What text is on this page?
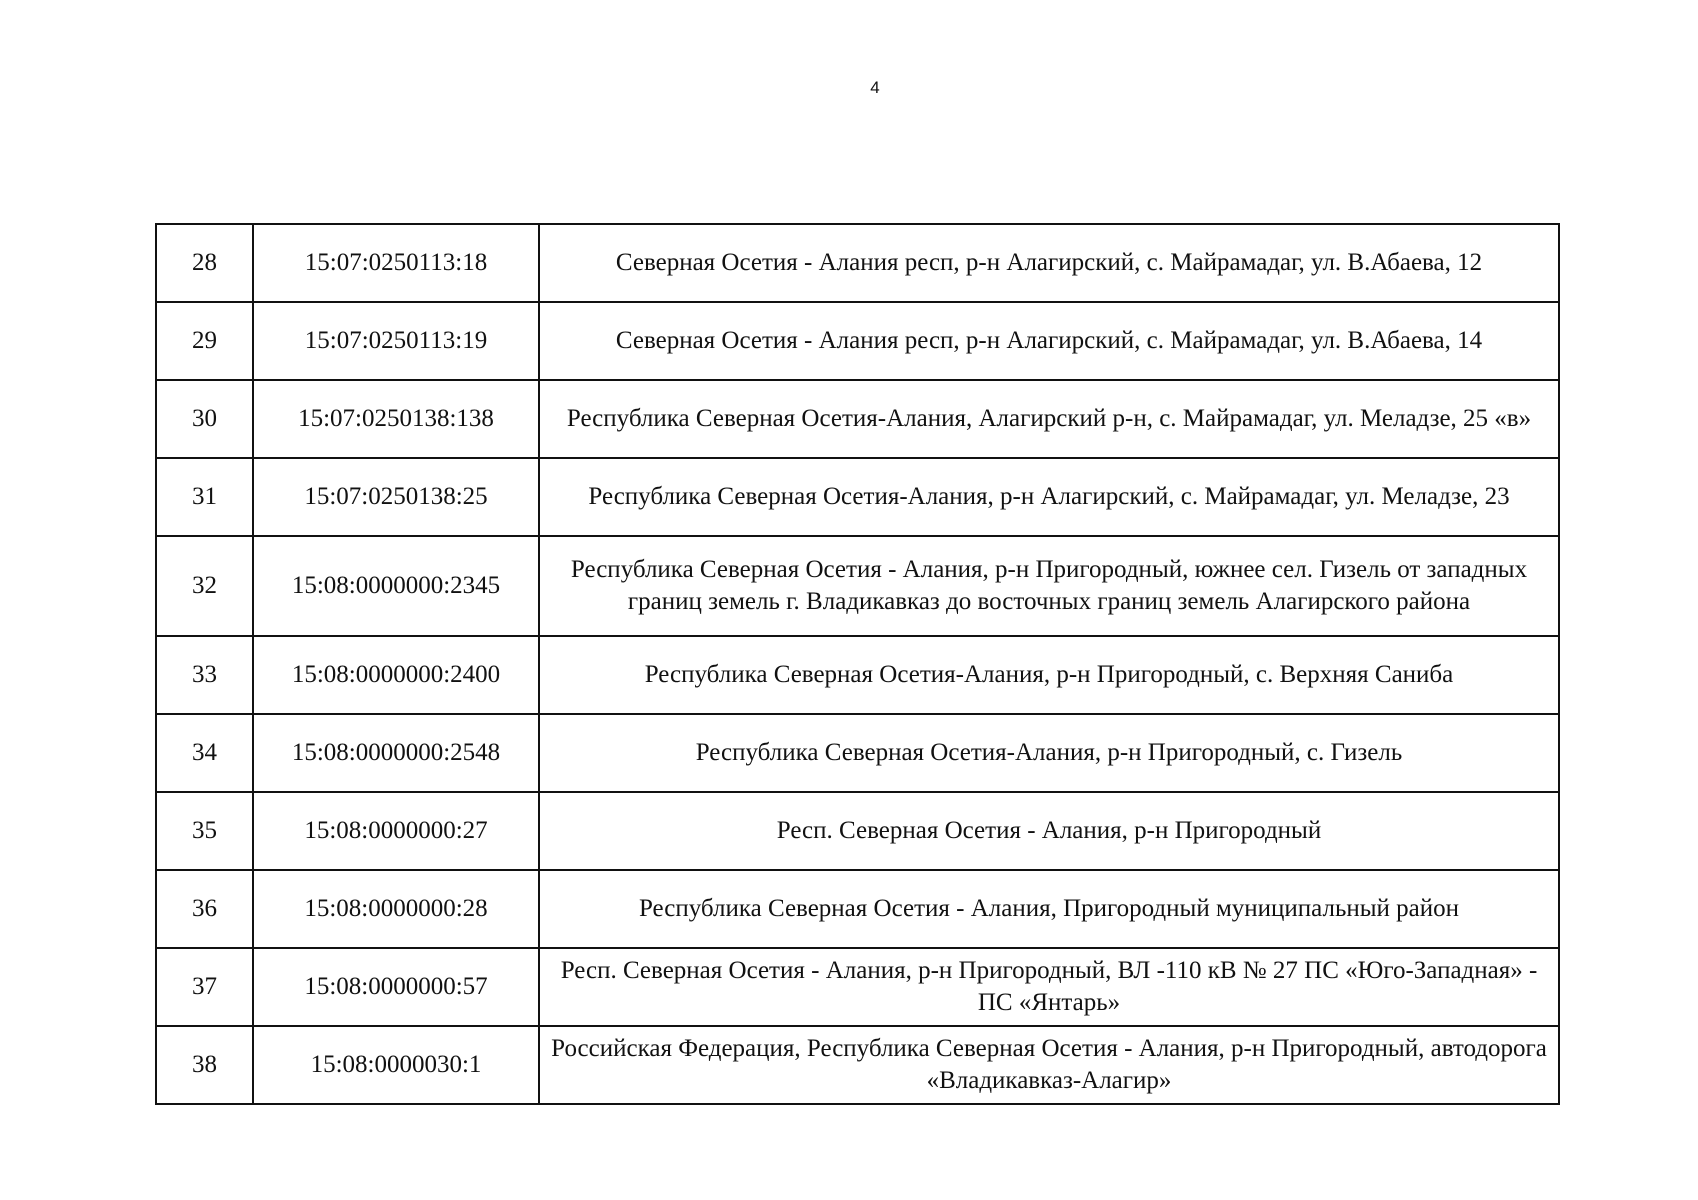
4
28	15:07:0250113:18	Северная Осетия - Алания респ, р-н Алагирский, с. Майрамадаг, ул. В.Абаева, 12
29	15:07:0250113:19	Северная Осетия - Алания респ, р-н Алагирский, с. Майрамадаг, ул. В.Абаева, 14
30	15:07:0250138:138	Республика Северная Осетия-Алания, Алагирский р-н, с. Майрамадаг, ул. Меладзе, 25 «в»
31	15:07:0250138:25	Республика Северная Осетия-Алания, р-н Алагирский, с. Майрамадаг, ул. Меладзе, 23
32	15:08:0000000:2345	Республика Северная Осетия - Алания, р-н Пригородный, южнее сел. Гизель от западных границ земель г. Владикавказ до восточных границ земель Алагирского района
33	15:08:0000000:2400	Республика Северная Осетия-Алания, р-н Пригородный, с. Верхняя Саниба
34	15:08:0000000:2548	Республика Северная Осетия-Алания, р-н Пригородный, с. Гизель
35	15:08:0000000:27	Респ. Северная Осетия - Алания, р-н Пригородный
36	15:08:0000000:28	Республика Северная Осетия - Алания, Пригородный муниципальный район
37	15:08:0000000:57	Респ. Северная Осетия - Алания, р-н Пригородный, ВЛ -110 кВ № 27 ПС «Юго-Западная» - ПС «Янтарь»
38	15:08:0000030:1	Российская Федерация, Республика Северная Осетия - Алания, р-н Пригородный, автодорога «Владикавказ-Алагир»
